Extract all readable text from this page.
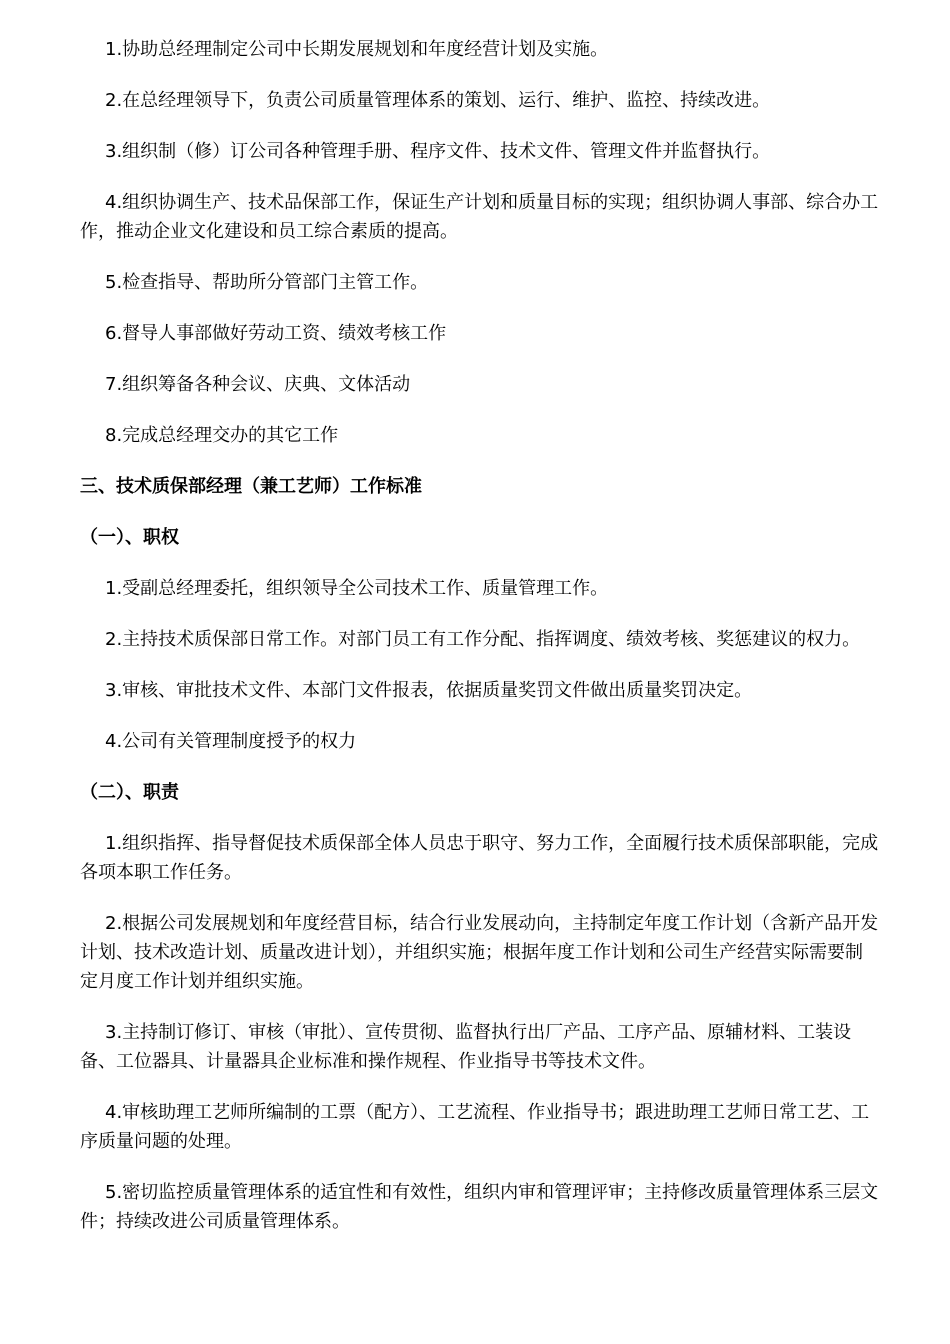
1.协助总经理制定公司中长期发展规划和年度经营计划及实施。

2.在总经理领导下，负责公司质量管理体系的策划、运行、维护、监控、持续改进。

3.组织制（修）订公司各种管理手册、程序文件、技术文件、管理文件并监督执行。

4.组织协调生产、技术品保部工作，保证生产计划和质量目标的实现；组织协调人事部、综合办工作，推动企业文化建设和员工综合素质的提高。

5.检查指导、帮助所分管部门主管工作。

6.督导人事部做好劳动工资、绩效考核工作

7.组织筹备各种会议、庆典、文体活动

8.完成总经理交办的其它工作

三、技术质保部经理（兼工艺师）工作标准

（一）、职权

1.受副总经理委托，组织领导全公司技术工作、质量管理工作。

2.主持技术质保部日常工作。对部门员工有工作分配、指挥调度、绩效考核、奖惩建议的权力。

3.审核、审批技术文件、本部门文件报表，依据质量奖罚文件做出质量奖罚决定。

4.公司有关管理制度授予的权力

（二）、职责

1.组织指挥、指导督促技术质保部全体人员忠于职守、努力工作，全面履行技术质保部职能，完成各项本职工作任务。

2.根据公司发展规划和年度经营目标，结合行业发展动向，主持制定年度工作计划（含新产品开发计划、技术改造计划、质量改进计划），并组织实施；根据年度工作计划和公司生产经营实际需要制定月度工作计划并组织实施。

3.主持制订修订、审核（审批）、宣传贯彻、监督执行出厂产品、工序产品、原辅材料、工装设备、工位器具、计量器具企业标准和操作规程、作业指导书等技术文件。

4.审核助理工艺师所编制的工票（配方）、工艺流程、作业指导书；跟进助理工艺师日常工艺、工序质量问题的处理。

5.密切监控质量管理体系的适宜性和有效性，组织内审和管理评审；主持修改质量管理体系三层文件；持续改进公司质量管理体系。
